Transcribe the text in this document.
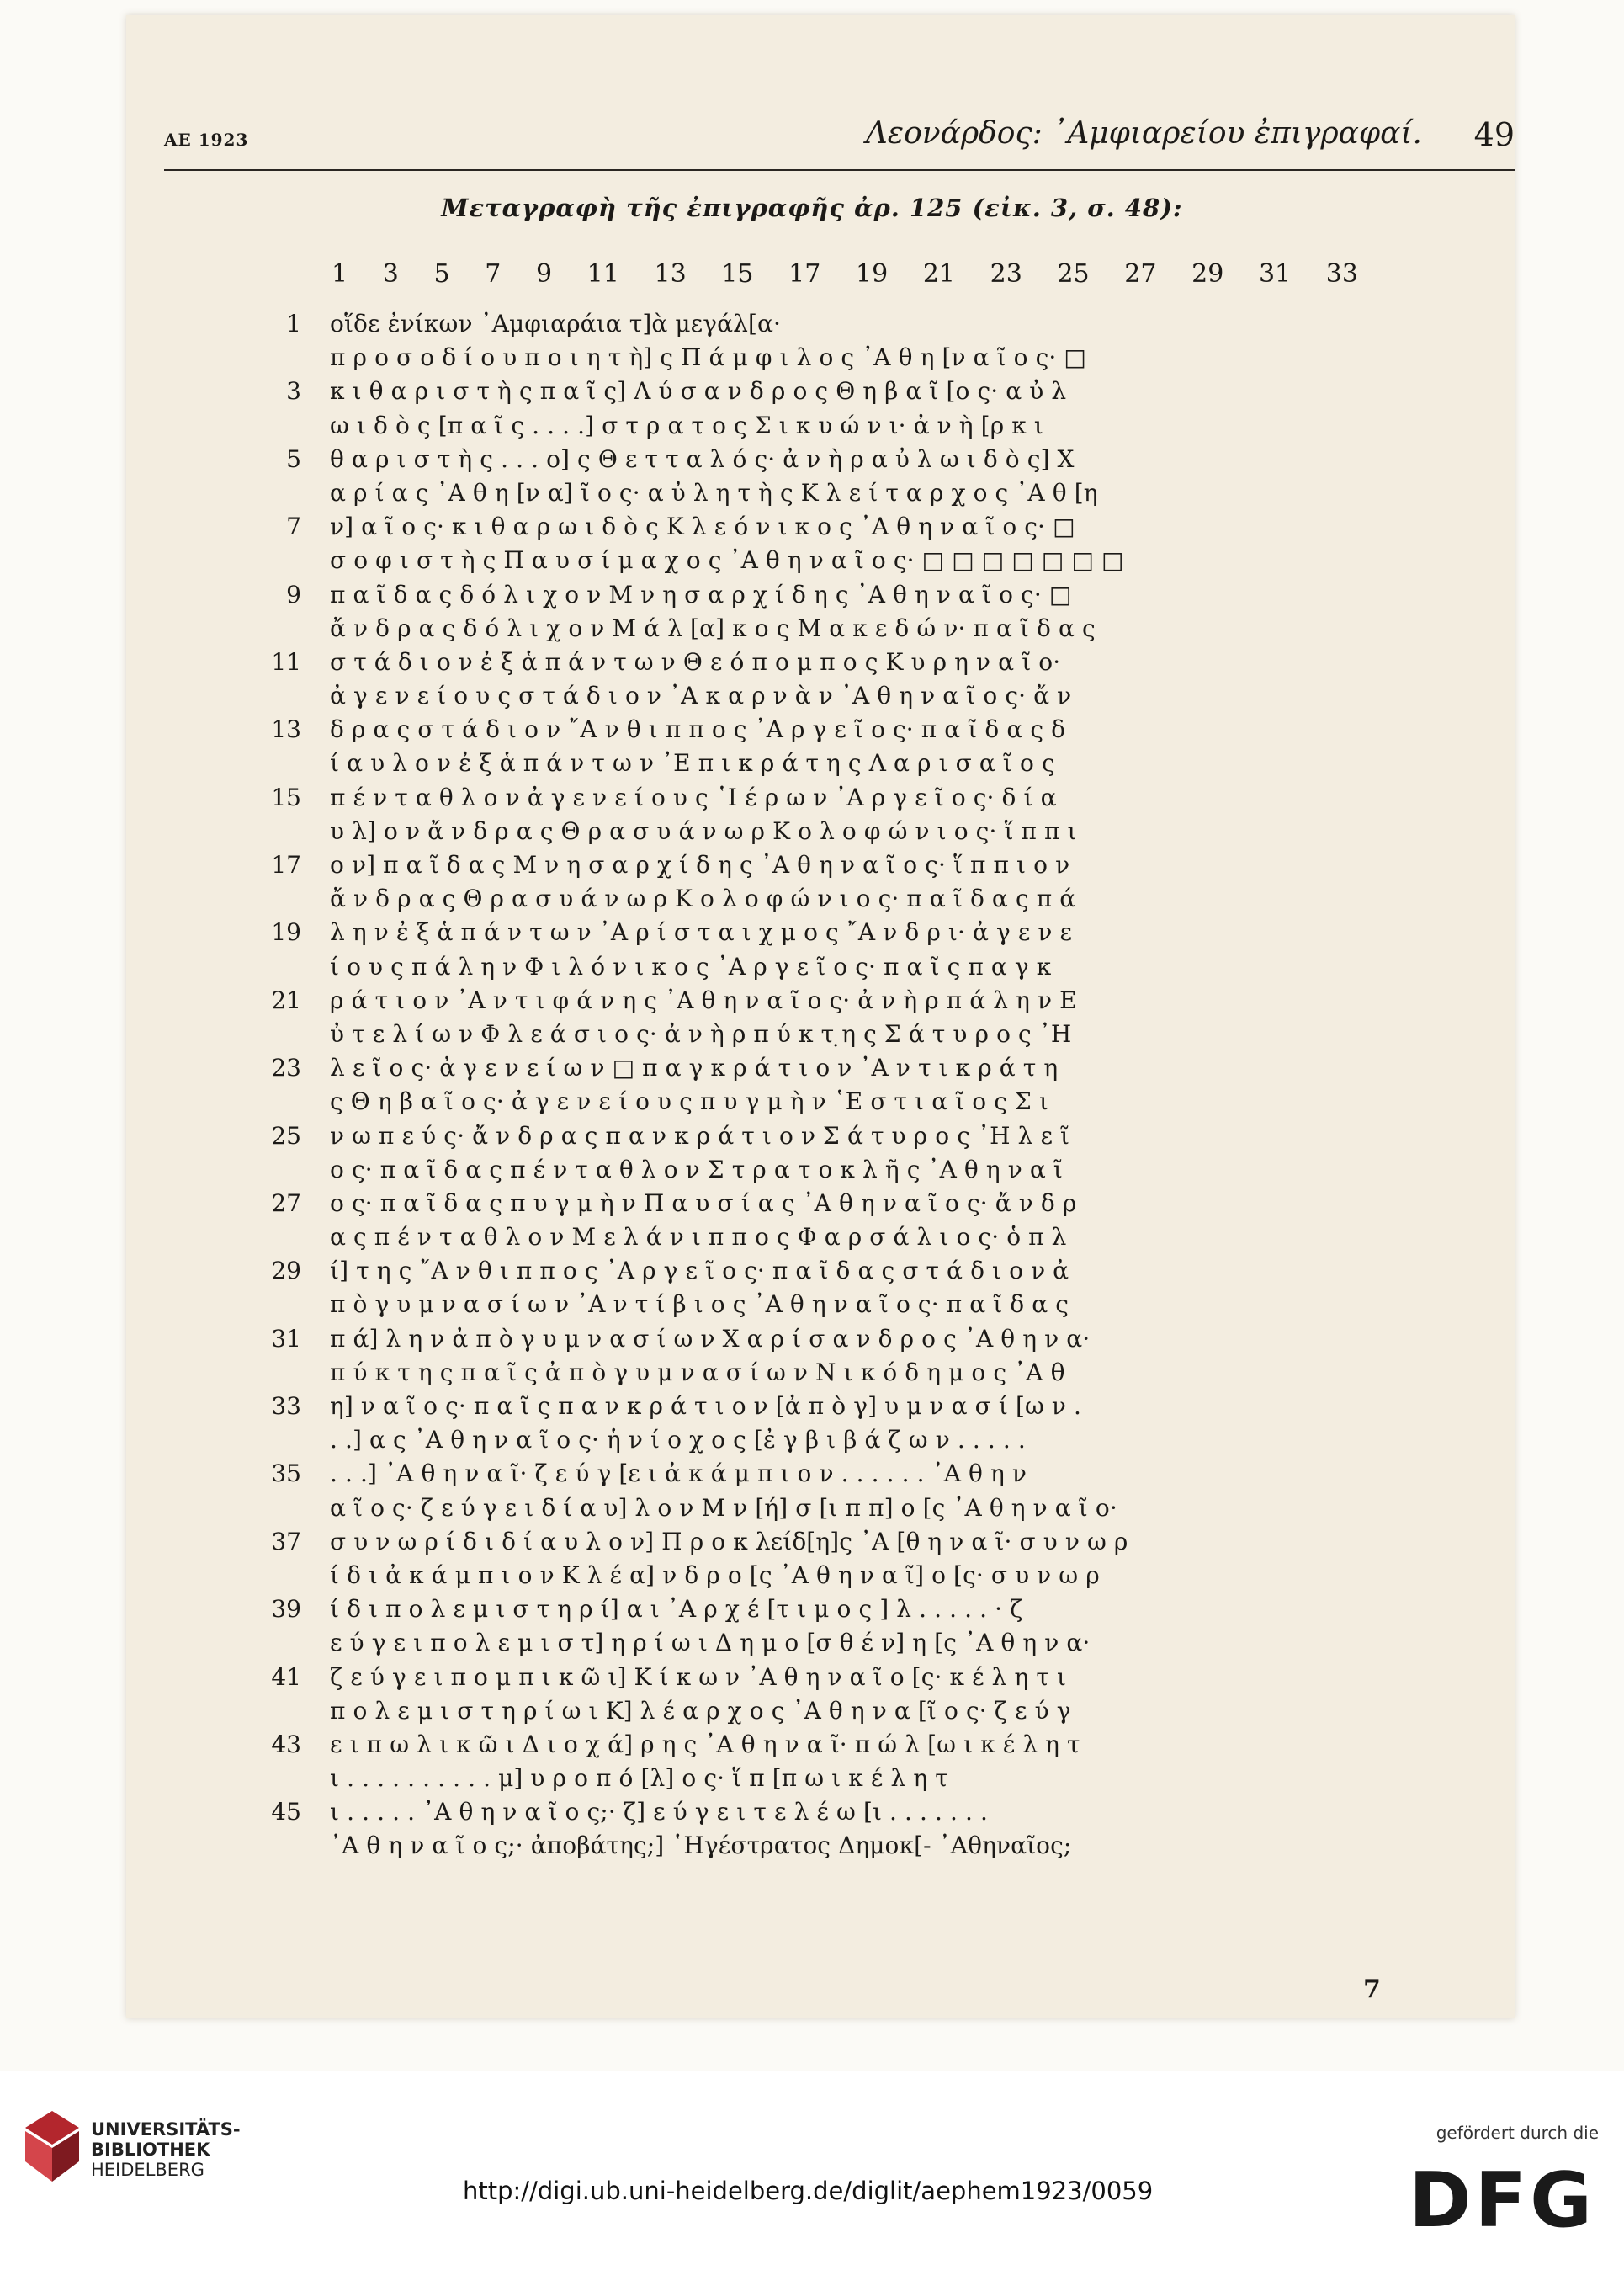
AE 1923	Λεονάρδος: ᾿Αμφιαρείου ἐπιγραφαί. 49
Μεταγραφὴ τῆς ἐπιγραφῆς ἀρ. 125 (εἰκ. 3, σ. 48):
1 3 5 7 9 11 13 15 17 19 21 23 25 27 29 31 33
1 οἵδε ἐνίκων ᾿Αμφιαράια τ]ὰ μεγάλ[α·
π ρ ο σ ο δ ί ο υ π ο ι η τ ὴ] ς Π ά μ φ ι λ ο ς ᾿Α θ η [ν α ῖ ο ς· □
3 κ ι θ α ρ ι σ τ ὴ ς π α ῖ ς] Λ ύ σ α ν δ ρ ο ς Θ η β α ῖ [ο ς· α ὐ λ
ω ι δ ὸ ς [π α ῖ ς . . . .] σ τ ρ α τ ο ς Σ ι κ υ ώ ν ι· ἀ ν ὴ [ρ κ ι
5 θ α ρ ι σ τ ὴ ς . . . ο] ς Θ ε τ τ α λ ό ς· ἀ ν ὴ ρ α ὐ λ ω ι δ ὸ ς] Χ
α ρ ί α ς ᾿Α θ η [ν α] ῖ ο ς· α ὐ λ η τ ὴ ς Κ λ ε ί τ α ρ χ ο ς ᾿Α θ [η
7 ν] α ῖ ο ς· κ ι θ α ρ ω ι δ ὸ ς Κ λ ε ό ν ι κ ο ς ᾿Α θ η ν α ῖ ο ς· □
σ ο φ ι σ τ ὴ ς Π α υ σ ί μ α χ ο ς ᾿Α θ η ν α ῖ ο ς· □ □ □ □ □ □ □
9 π α ῖ δ α ς δ ό λ ι χ ο ν Μ ν η σ α ρ χ ί δ η ς ᾿Α θ η ν α ῖ ο ς· □
ἄ ν δ ρ α ς δ ό λ ι χ ο ν Μ ά λ [α] κ ο ς Μ α κ ε δ ώ ν· π α ῖ δ α ς
11 σ τ ά δ ι ο ν ἐ ξ ἁ π ά ν τ ω ν Θ ε ό π ο μ π ο ς Κ υ ρ η ν α ῖ ο·
ἀ γ ε ν ε ί ο υ ς σ τ ά δ ι ο ν ᾿Α κ α ρ ν ὰ ν ᾿Α θ η ν α ῖ ο ς· ἄ ν
13 δ ρ α ς σ τ ά δ ι ο ν ῎Α ν θ ι π π ο ς ᾿Α ρ γ ε ῖ ο ς· π α ῖ δ α ς δ
ί α υ λ ο ν ἐ ξ ἁ π ά ν τ ω ν ᾿Ε π ι κ ρ ά τ η ς Λ α ρ ι σ α ῖ ο ς
15 π έ ν τ α θ λ ο ν ἀ γ ε ν ε ί ο υ ς ῾Ι έ ρ ω ν ᾿Α ρ γ ε ῖ ο ς· δ ί α
υ λ] ο ν ἄ ν δ ρ α ς Θ ρ α σ υ ά ν ω ρ Κ ο λ ο φ ώ ν ι ο ς· ἵ π π ι
17 ο ν] π α ῖ δ α ς Μ ν η σ α ρ χ ί δ η ς ᾿Α θ η ν α ῖ ο ς· ἵ π π ι ο ν
ἄ ν δ ρ α ς Θ ρ α σ υ ά ν ω ρ Κ ο λ ο φ ώ ν ι ο ς· π α ῖ δ α ς π ά
19 λ η ν ἐ ξ ἁ π ά ν τ ω ν ᾿Α ρ ί σ τ α ι χ μ ο ς ῎Α ν δ ρ ι· ἀ γ ε ν ε
ί ο υ ς π ά λ η ν Φ ι λ ό ν ι κ ο ς ᾿Α ρ γ ε ῖ ο ς· π α ῖ ς π α γ κ
21 ρ ά τ ι ο ν ᾿Α ν τ ι φ ά ν η ς ᾿Α θ η ν α ῖ ο ς· ἀ ν ὴ ρ π ά λ η ν Ε
ὐ τ ε λ ί ω ν Φ λ ε ά σ ι ο ς· ἀ ν ὴ ρ π ύ κ τ ̣η ς Σ ά τ υ ρ ο ς ᾿Η
23 λ ε ῖ ο ς· ἀ γ ε ν ε ί ω ν □ π α γ κ ρ ά τ ι ο ν ᾿Α ν τ ι κ ρ ά τ η
ς Θ η β α ῖ ο ς· ἀ γ ε ν ε ί ο υ ς π υ γ μ ὴ ν ῾Ε σ τ ι α ῖ ο ς Σ ι
25 ν ω π ε ύ ς· ἄ ν δ ρ α ς π α ν κ ρ ά τ ι ο ν Σ ά τ υ ρ ο ς ᾿Η λ ε ῖ
ο ς· π α ῖ δ α ς π έ ν τ α θ λ ο ν Σ τ ρ α τ ο κ λ ῆ ς ᾿Α θ η ν α ῖ
27 ο ς· π α ῖ δ α ς π υ γ μ ὴ ν Π α υ σ ί α ς ᾿Α θ η ν α ῖ ο ς· ἄ ν δ ρ
α ς π έ ν τ α θ λ ο ν Μ ε λ ά ν ι π π ο ς Φ α ρ σ ά λ ι ο ς· ὁ π λ
29 ί] τ η ς ῎Α ν θ ι π π ο ς ᾿Α ρ γ ε ῖ ο ς· π α ῖ δ α ς σ τ ά δ ι ο ν ἀ
π ὸ γ υ μ ν α σ ί ω ν ᾿Α ν τ ί β ι ο ς ᾿Α θ η ν α ῖ ο ς· π α ῖ δ α ς
31 π ά] λ η ν ἀ π ὸ γ υ μ ν α σ ί ω ν Χ α ρ ί σ α ν δ ρ ο ς ᾿Α θ η ν α·
π ύ κ τ η ς π α ῖ ς ἀ π ὸ γ υ μ ν α σ ί ω ν Ν ι κ ό δ η μ ο ς ᾿Α θ
33 η] ν α ῖ ο ς· π α ῖ ς π α ν κ ρ ά τ ι ο ν [ἀ π ὸ γ] υ μ ν α σ ί [ω ν .
. .] α ς ᾿Α θ η ν α ῖ ο ς· ἡ ν ί ο χ ο ς [ἐ γ β ι β ά ζ ω ν . . . . .
35 . . .] ᾿Α θ η ν α ῖ· ζ ε ύ γ [ε ι ἀ κ ά μ π ι ο ν . . . . . . ᾿Α θ η ν
α ῖ ο ς· ζ ε ύ γ ε ι δ ί α υ] λ ο ν Μ ν [ή] σ [ι π π] ο [ς ᾿Α θ η ν α ῖ ο·
37 σ υ ν ω ρ ί δ ι δ ί α υ λ ο ν] Π ρ ο κ λείδ[η]ς ᾿Α [θ η ν α ῖ· σ υ ν ω ρ
ί δ ι ἀ κ ά μ π ι ο ν Κ λ έ α] ν δ ρ ο [ς ᾿Α θ η ν α ῖ] ο [ς· σ υ ν ω ρ
39 ί δ ι π ο λ ε μ ι σ τ η ρ ί] α ι ᾿Α ρ χ έ [τ ι μ ο ς ] λ . . . . . · ζ
ε ύ γ ε ι π ο λ ε μ ι σ τ] η ρ ί ω ι Δ η μ ο [σ θ έ ν] η [ς ᾿Α θ η ν α·
41 ζ ε ύ γ ε ι π ο μ π ι κ ῶ ι] Κ ί κ ω ν ᾿Α θ η ν α ῖ ο [ς· κ έ λ η τ ι
π ο λ ε μ ι σ τ η ρ ί ω ι Κ] λ έ α ρ χ ο ς ᾿Α θ η ν α [ῖ ο ς· ζ ε ύ γ
43 ε ι π ω λ ι κ ῶ ι Δ ι ο χ ά] ρ η ς ᾿Α θ η ν α ῖ· π ώ λ [ω ι κ έ λ η τ
ι . . . . . . . . . . μ] υ ρ ο π ό [λ] ο ς· ἵ π [π ω ι κ έ λ η τ
45 ι . . . . . ᾿Α θ η ν α ῖ ο ς;· ζ] ε ύ γ ε ι τ ε λ έ ω [ι . . . . . . .
᾿Α θ η ν α ῖ ο ς;· ἀποβάτης;] ῾Ηγέστρατος Δημοκ[- ᾿Αθηναῖος;
7
UNIVERSITÄTS-
BIBLIOTHEK
HEIDELBERG
http://digi.ub.uni-heidelberg.de/diglit/aephem1923/0059
gefördert durch die
DFG
